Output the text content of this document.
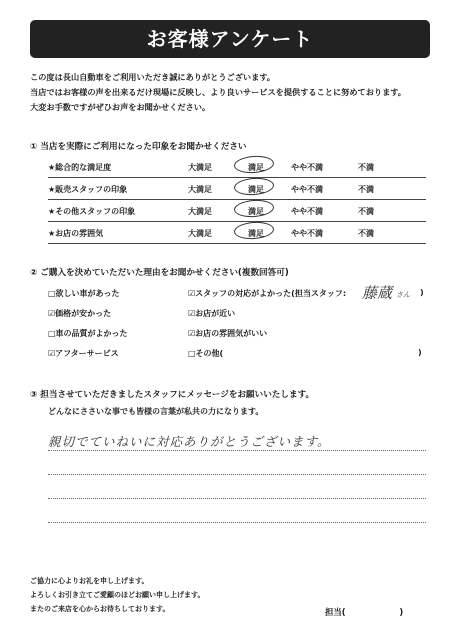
お客様アンケート
この度は長山自動車をご利用いただき誠にありがとうございます。
当店ではお客様の声を出来るだけ現場に反映し、より良いサービスを提供することに努めております。
大変お手数ですがぜひお声をお聞かせください。
① 当店を実際にご利用になった印象をお聞かせください
★総合的な満足度	大満足	満足	やや不満	不満
★販売スタッフの印象	大満足	満足	やや不満	不満
★その他スタッフの印象	大満足	満足	やや不満	不満
★お店の雰囲気	大満足	満足	やや不満	不満
② ご購入を決めていただいた理由をお聞かせください(複数回答可)
□欲しい車があった	☑スタッフの対応がよかった(担当スタッフ: 藤蔵 さん )
☑価格が安かった	☑お店が近い
□車の品質がよかった	☑お店の雰囲気がいい
☑アフターサービス	□その他(	)
③ 担当させていただきましたスタッフにメッセージをお願いいたします。
どんなにささいな事でも皆様の言葉が私共の力になります。
親切でていねいに対応ありがとうございます。
ご協力に心よりお礼を申し上げます。
よろしくお引き立てご愛顧のほどお願い申し上げます。
またのご来店を心からお待ちしております。	担当(	)
